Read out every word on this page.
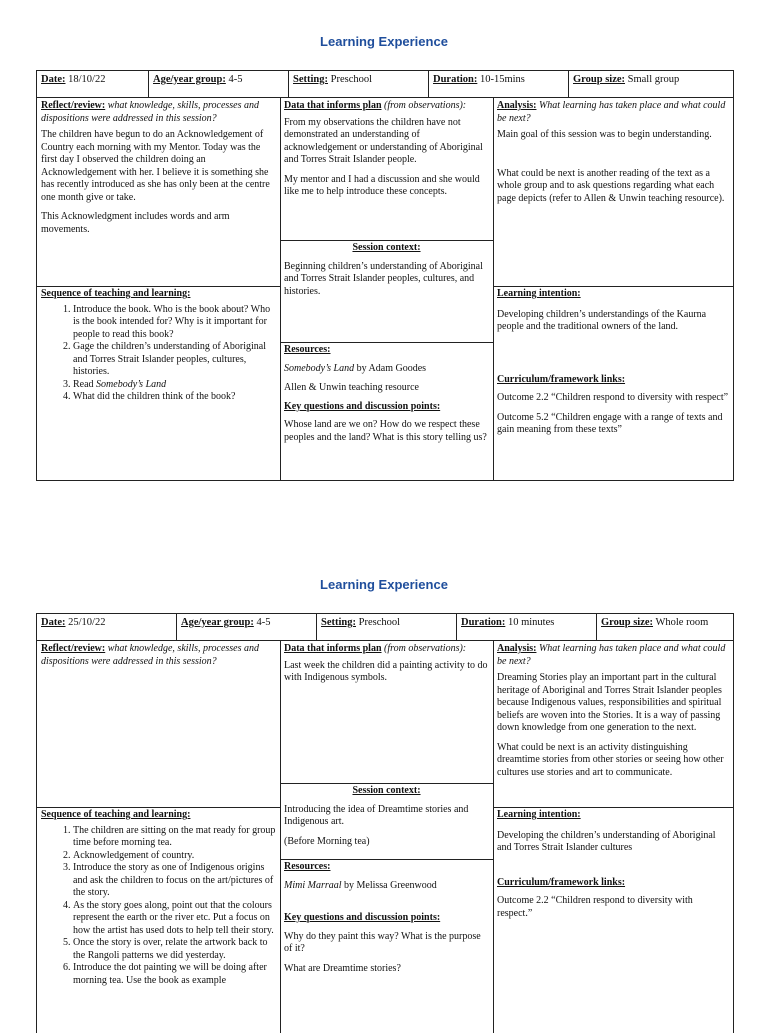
Learning Experience
Date: 18/10/22	Age/year group: 4-5	Setting: Preschool	Duration: 10-15mins	Group size: Small group

Reflect/review: what knowledge, skills, processes and dispositions were addressed in this session?

The children have begun to do an Acknowledgement of Country each morning with my Mentor. Today was the first day I observed the children doing an Acknowledgement with her. I believe it is something she has recently introduced as she has only been at the centre one month give or take.

This Acknowledgment includes words and arm movements.

Data that informs plan (from observations):

From my observations the children have not demonstrated an understanding of acknowledgement or understanding of Aboriginal and Torres Strait Islander people.

My mentor and I had a discussion and she would like me to help introduce these concepts.

Analysis: What learning has taken place and what could be next?

Main goal of this session was to begin understanding.

What could be next is another reading of the text as a whole group and to ask questions regarding what each page depicts (refer to Allen & Unwin teaching resource).

Session context:

Beginning children’s understanding of Aboriginal and Torres Strait Islander peoples, cultures, and histories.

Sequence of teaching and learning:
1. Introduce the book. Who is the book about? Who is the book intended for? Why is it important for people to read this book?
2. Gage the children’s understanding of Aboriginal and Torres Strait Islander peoples, cultures, histories.
3. Read Somebody’s Land
4. What did the children think of the book?

Resources:

Somebody’s Land by Adam Goodes

Allen & Unwin teaching resource

Key questions and discussion points:

Whose land are we on? How do we respect these peoples and the land? What is this story telling us?

Learning intention:

Developing children’s understandings of the Kaurna people and the traditional owners of the land.

Curriculum/framework links:

Outcome 2.2 “Children respond to diversity with respect”

Outcome 5.2 “Children engage with a range of texts and gain meaning from these texts”

Learning Experience
Date: 25/10/22	Age/year group: 4-5	Setting: Preschool	Duration: 10 minutes	Group size: Whole room

Reflect/review: what knowledge, skills, processes and dispositions were addressed in this session?

Data that informs plan (from observations):

Last week the children did a painting activity to do with Indigenous symbols.

Analysis: What learning has taken place and what could be next?

Dreaming Stories play an important part in the cultural heritage of Aboriginal and Torres Strait Islander peoples because Indigenous values, responsibilities and spiritual beliefs are woven into the Stories. It is a way of passing down knowledge from one generation to the next.

What could be next is an activity distinguishing dreamtime stories from other stories or seeing how other cultures use stories and art to communicate.

Session context:

Introducing the idea of Dreamtime stories and Indigenous art.

(Before Morning tea)

Sequence of teaching and learning:
1. The children are sitting on the mat ready for group time before morning tea.
2. Acknowledgement of country.
3. Introduce the story as one of Indigenous origins and ask the children to focus on the art/pictures of the story.
4. As the story goes along, point out that the colours represent the earth or the river etc. Put a focus on how the artist has used dots to help tell their story.
5. Once the story is over, relate the artwork back to the Rangoli patterns we did yesterday.
6. Introduce the dot painting we will be doing after morning tea. Use the book as example

Resources:

Mimi Marraal by Melissa Greenwood

Key questions and discussion points:

Why do they paint this way? What is the purpose of it?

What are Dreamtime stories?

Learning intention:

Developing the children’s understanding of Aboriginal and Torres Strait Islander cultures

Curriculum/framework links:

Outcome 2.2 “Children respond to diversity with respect.”
